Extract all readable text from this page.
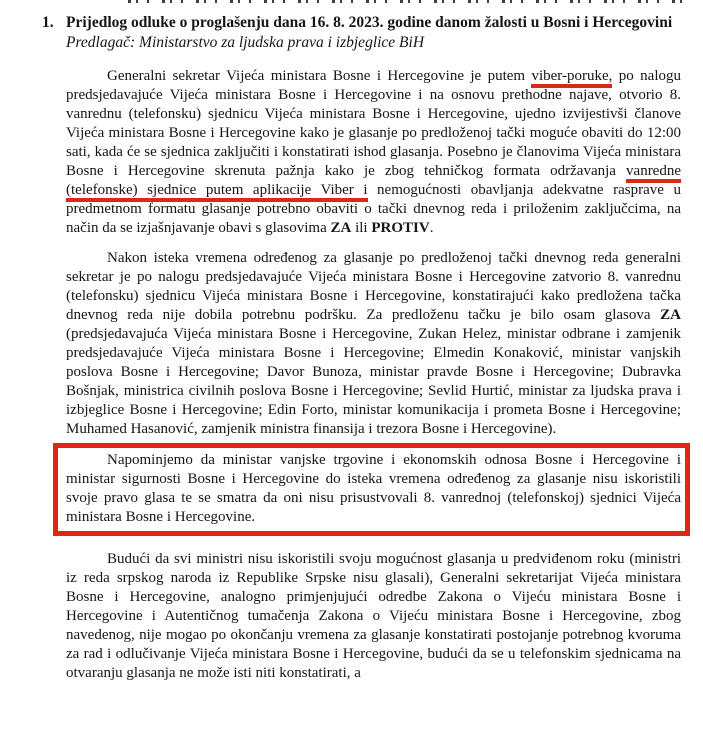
1. Prijedlog odluke o proglašenju dana 16. 8. 2023. godine danom žalosti u Bosni i Hercegovini
Predlagač: Ministarstvo za ljudska prava i izbjeglice BiH

Generalni sekretar Vijeća ministara Bosne i Hercegovine je putem viber-poruke, po nalogu predsjedavajuće Vijeća ministara Bosne i Hercegovine i na osnovu prethodne najave, otvorio 8. vanrednu (telefonsku) sjednicu Vijeća ministara Bosne i Hercegovine, ujedno izvijestivši članove Vijeća ministara Bosne i Hercegovine kako je glasanje po predloženoj tački moguće obaviti do 12:00 sati, kada će se sjednica zaključiti i konstatirati ishod glasanja. Posebno je članovima Vijeća ministara Bosne i Hercegovine skrenuta pažnja kako je zbog tehničkog formata održavanja vanredne (telefonske) sjednice putem aplikacije Viber i nemogućnosti obavljanja adekvatne rasprave u predmetnom formatu glasanje potrebno obaviti o tački dnevnog reda i priloženim zaključcima, na način da se izjašnjavanje obavi s glasovima ZA ili PROTIV.

Nakon isteka vremena određenog za glasanje po predloženoj tački dnevnog reda generalni sekretar je po nalogu predsjedavajuće Vijeća ministara Bosne i Hercegovine zatvorio 8. vanrednu (telefonsku) sjednicu Vijeća ministara Bosne i Hercegovine, konstatirajući kako predložena tačka dnevnog reda nije dobila potrebnu podršku. Za predloženu tačku je bilo osam glasova ZA (predsjedavajuća Vijeća ministara Bosne i Hercegovine, Zukan Helez, ministar odbrane i zamjenik predsjedavajuće Vijeća ministara Bosne i Hercegovine; Elmedin Konaković, ministar vanjskih poslova Bosne i Hercegovine; Davor Bunoza, ministar pravde Bosne i Hercegovine; Dubravka Bošnjak, ministrica civilnih poslova Bosne i Hercegovine; Sevlid Hurtić, ministar za ljudska prava i izbjeglice Bosne i Hercegovine; Edin Forto, ministar komunikacija i prometa Bosne i Hercegovine; Muhamed Hasanović, zamjenik ministra finansija i trezora Bosne i Hercegovine).

Napominjemo da ministar vanjske trgovine i ekonomskih odnosa Bosne i Hercegovine i ministar sigurnosti Bosne i Hercegovine do isteka vremena određenog za glasanje nisu iskoristili svoje pravo glasa te se smatra da oni nisu prisustvovali 8. vanrednoj (telefonskoj) sjednici Vijeća ministara Bosne i Hercegovine.

Budući da svi ministri nisu iskoristili svoju mogućnost glasanja u predviđenom roku (ministri iz reda srpskog naroda iz Republike Srpske nisu glasali), Generalni sekretarijat Vijeća ministara Bosne i Hercegovine, analogno primjenjujući odredbe Zakona o Vijeću ministara Bosne i Hercegovine i Autentičnog tumačenja Zakona o Vijeću ministara Bosne i Hercegovine, zbog navedenog, nije mogao po okončanju vremena za glasanje konstatirati postojanje potrebnog kvoruma za rad i odlučivanje Vijeća ministara Bosne i Hercegovine, budući da se u telefonskim sjednicama na otvaranju glasanja ne može isti niti konstatirati, a
